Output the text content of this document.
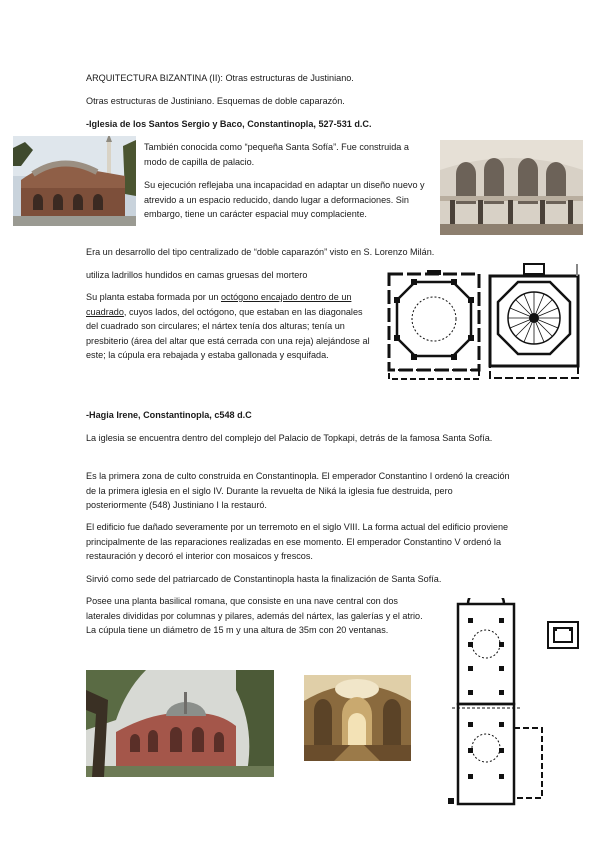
ARQUITECTURA BIZANTINA (II): Otras estructuras de Justiniano.

Otras estructuras de Justiniano. Esquemas de doble caparazón.

-Iglesia de los Santos Sergio y Baco, Constantinopla, 527-531 d.C.

También conocida como “pequeña Santa Sofía”. Fue construida a modo de capilla de palacio.

Su ejecución reflejaba una incapacidad en adaptar un diseño nuevo y atrevido a un espacio reducido, dando lugar a deformaciones. Sin embargo, tiene un carácter espacial muy complaciente.

Era un desarrollo del tipo centralizado de “doble caparazón” visto en S. Lorenzo Milán.

utiliza ladrillos hundidos en camas gruesas del mortero

Su planta estaba formada por un octógono encajado dentro de un cuadrado, cuyos lados, del octógono, que estaban en las diagonales del cuadrado son circulares; el nártex tenía dos alturas; tenía un presbiterio (área del altar que está cerrada con una reja) alejándose al este; la cúpula era rebajada y estaba gallonada y esquifada.

-Hagia Irene, Constantinopla, c548 d.C

La iglesia se encuentra dentro del complejo del Palacio de Topkapi, detrás de la famosa Santa Sofía.

Es la primera zona de culto construida en Constantinopla. El emperador Constantino I ordenó la creación de la primera iglesia en el siglo IV. Durante la revuelta de Niká la iglesia fue destruida, pero posteriormente (548) Justiniano I la restauró.

El edificio fue dañado severamente por un terremoto en el siglo VIII. La forma actual del edificio proviene principalmente de las reparaciones realizadas en ese momento. El emperador Constantino V ordenó la restauración y decoró el interior con mosaicos y frescos.

Sirvió como sede del patriarcado de Constantinopla hasta la finalización de Santa Sofía.

Posee una planta basilical romana, que consiste en una nave central con dos laterales divididas por columnas y pilares, además del nártex, las galerías y el atrio. La cúpula tiene un diámetro de 15 m y una altura de 35m con 20 ventanas.
